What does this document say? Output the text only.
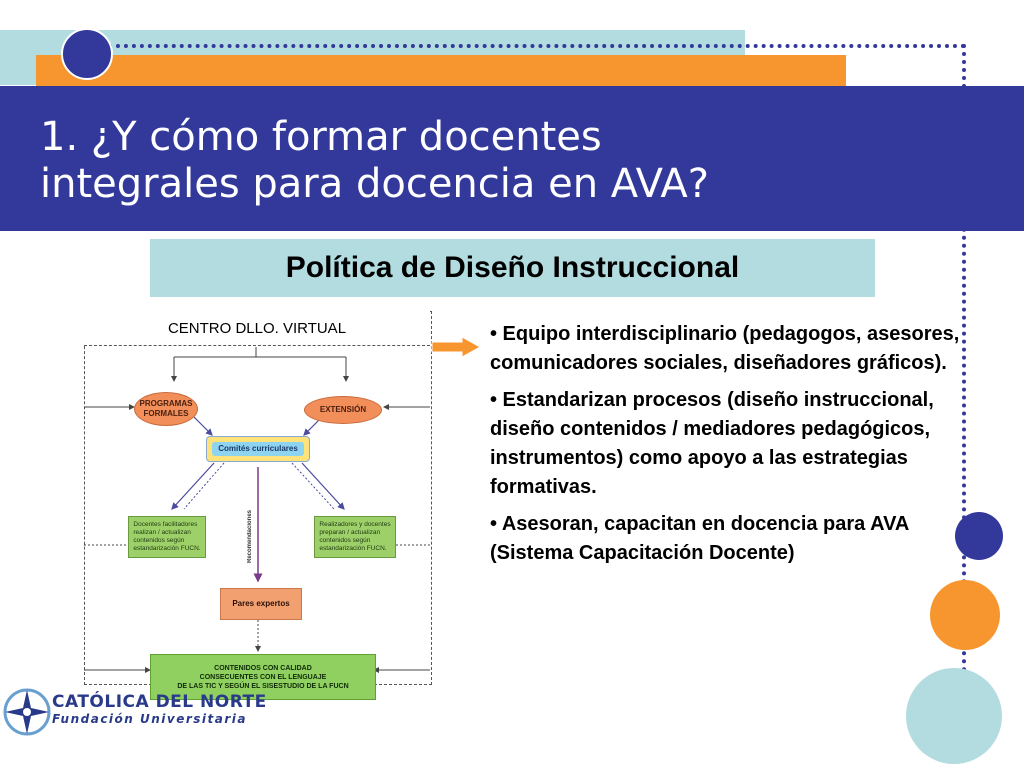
1. ¿Y cómo formar docentes
integrales para docencia en AVA?
Política de Diseño Instruccional
CENTRO DLLO. VIRTUAL
PROGRAMAS
FORMALES	EXTENSIÓN
Comités curriculares
Docentes facilitadores
realizan / actualizan
contenidos según
estandarización FUCN.
Realizadores y docentes
preparan / actualizan
contenidos según
estandarización FUCN.
Recomendaciones
Pares expertos
CONTENIDOS CON CALIDAD
CONSECUENTES CON EL LENGUAJE
DE LAS TIC Y SEGÚN EL SISESTUDIO DE LA FUCN

• Equipo interdisciplinario (pedagogos, asesores, comunicadores sociales, diseñadores gráficos).

• Estandarizan procesos (diseño instruccional, diseño contenidos / mediadores pedagógicos, instrumentos) como apoyo a las estrategias formativas.

• Asesoran, capacitan en docencia para AVA (Sistema Capacitación Docente)

CATÓLICA DEL NORTE
Fundación Universitaria
